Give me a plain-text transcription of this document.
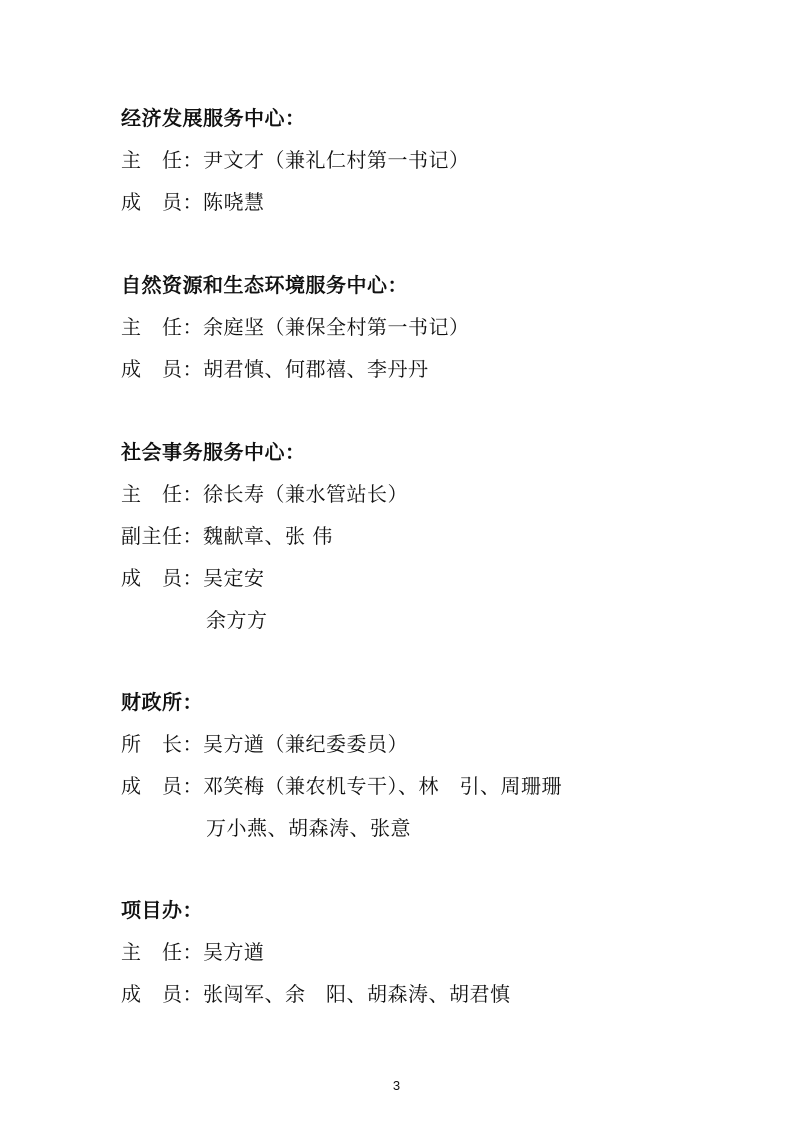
经济发展服务中心：
主　任：尹文才（兼礼仁村第一书记）
成　员：陈哓慧
自然资源和生态环境服务中心：
主　任：余庭坚（兼保全村第一书记）
成　员：胡君慎、何郡禧、李丹丹
社会事务服务中心：
主　任：徐长寿（兼水管站长）
副主任：魏献章、张 伟
成　员：吴定安
余方方
财政所：
所　长：吴方遒（兼纪委委员）
成　员：邓笑梅（兼农机专干）、林　引、周珊珊
万小燕、胡森涛、张意
项目办：
主　任：吴方遒
成　员：张闯军、余　阳、胡森涛、胡君慎
3
